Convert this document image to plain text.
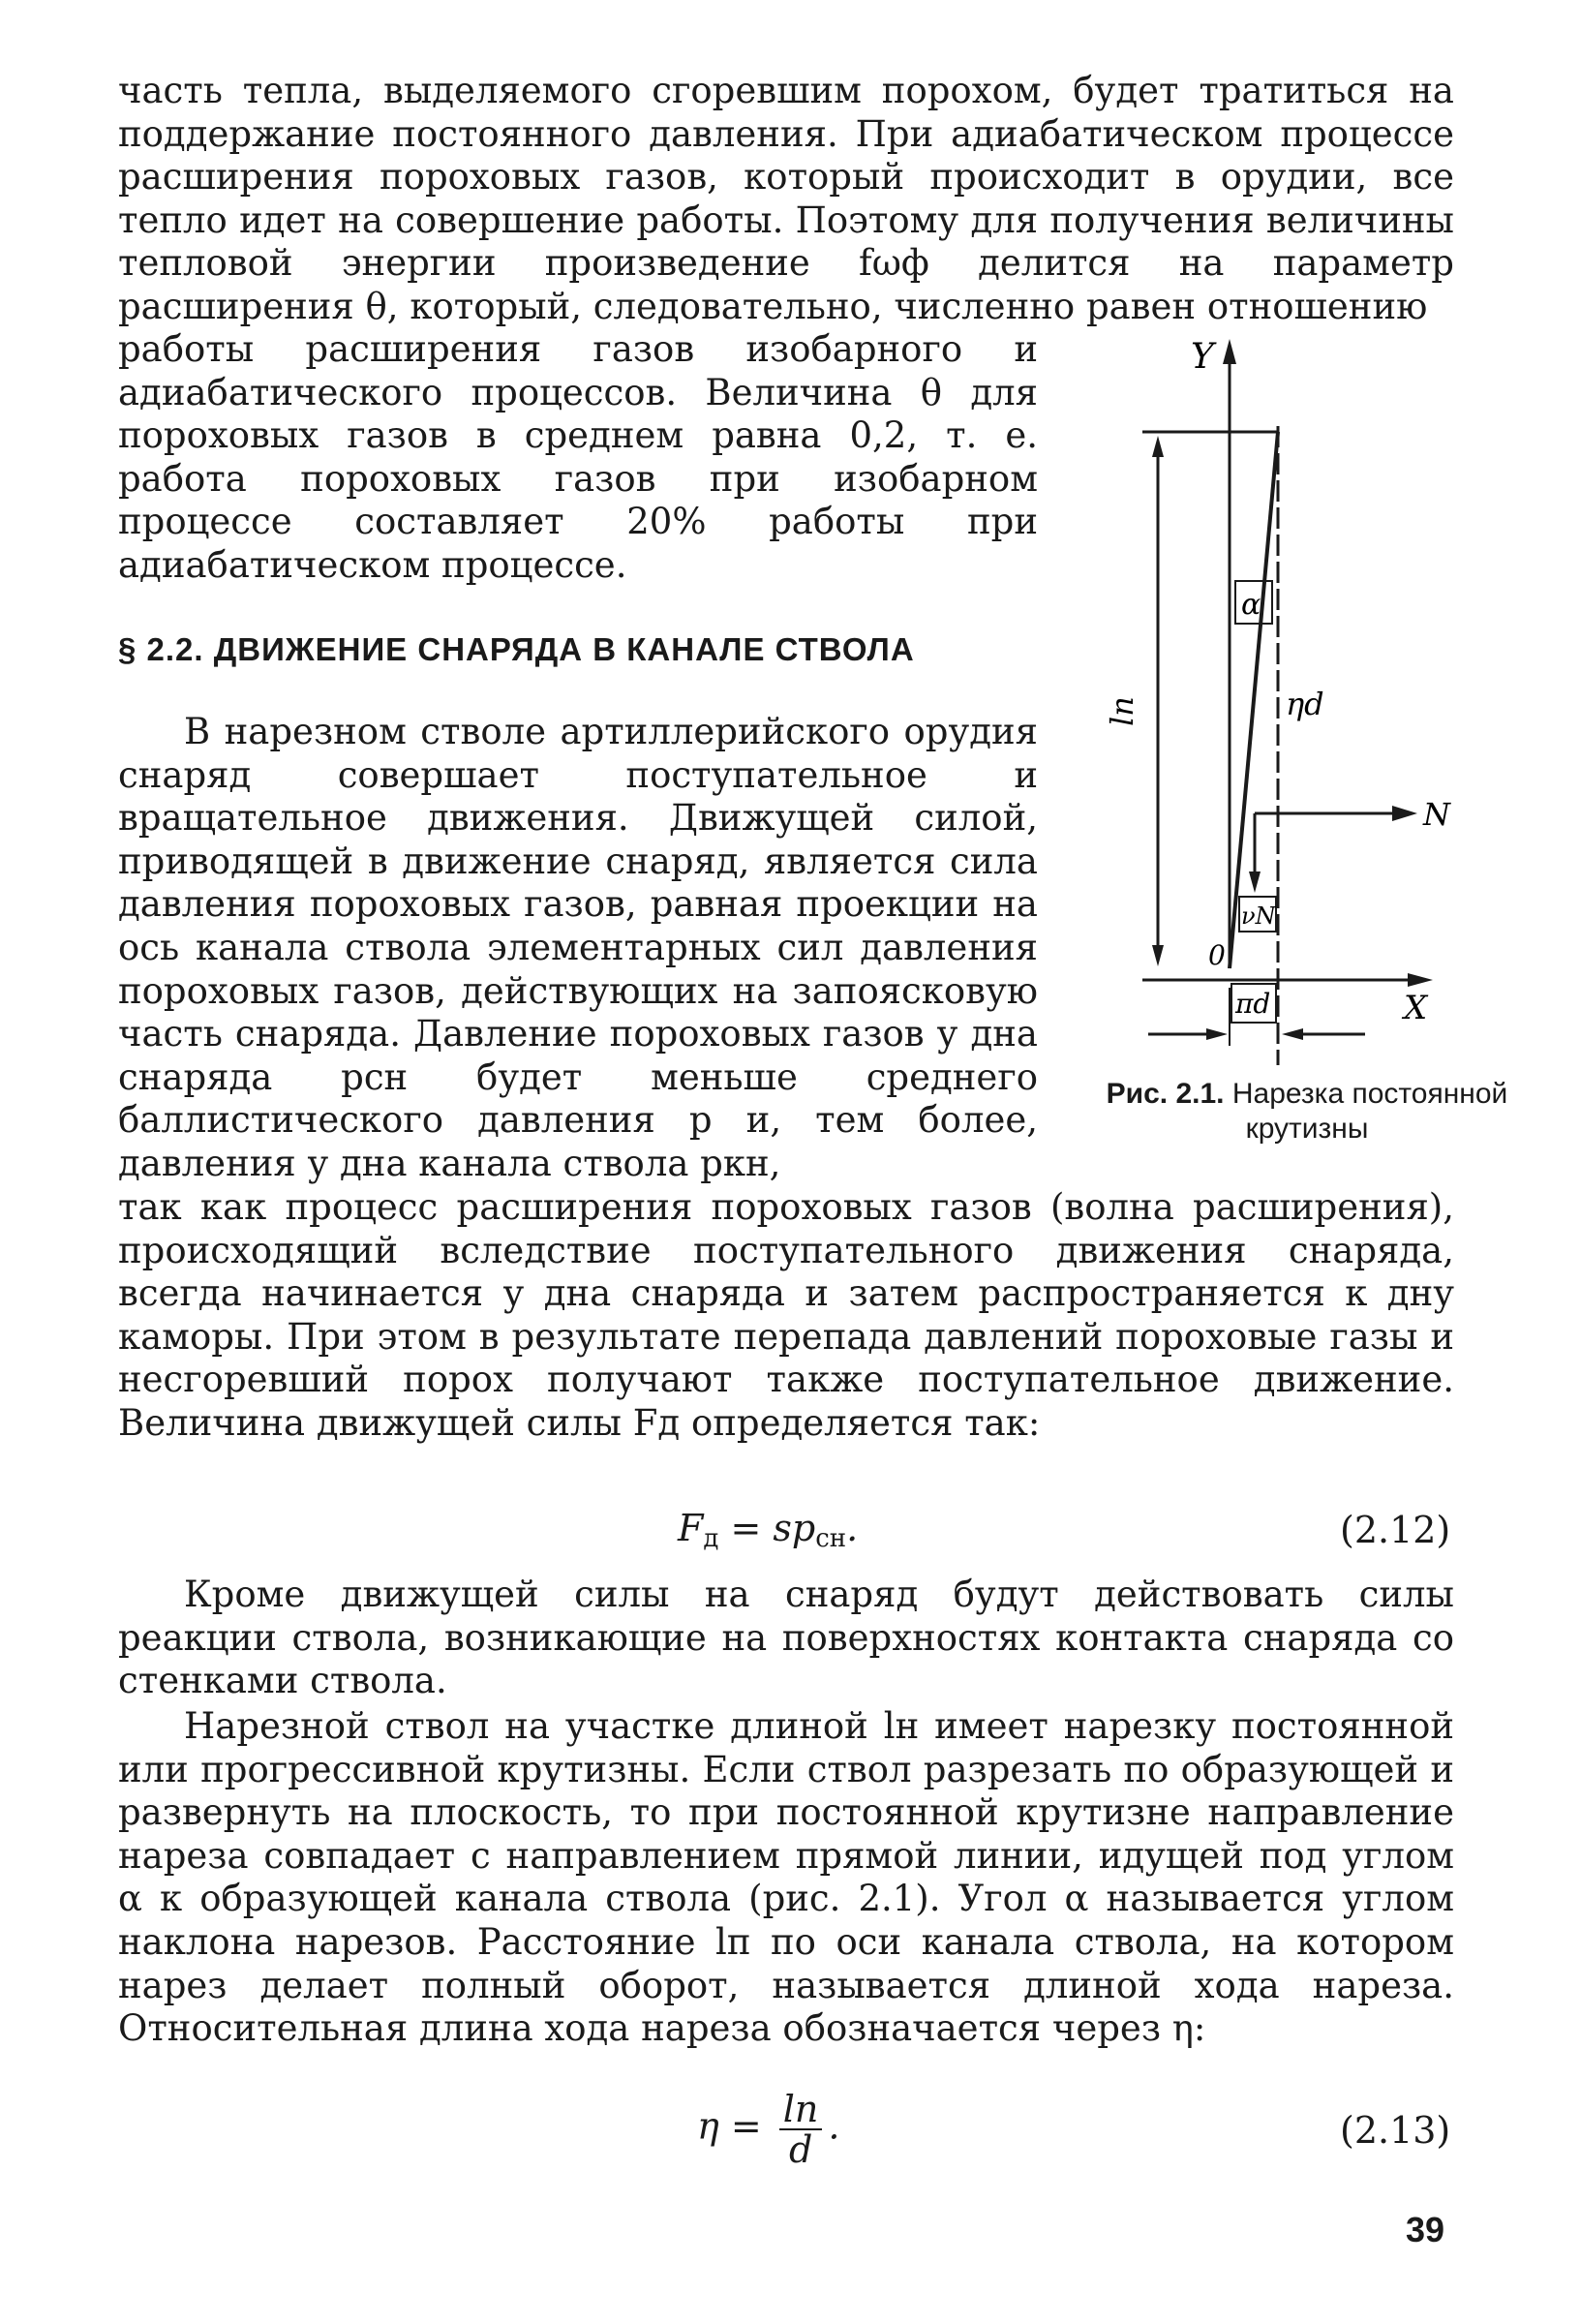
часть тепла, выделяемого сгоревшим порохом, будет тратиться на поддержание постоянного давления. При адиабатическом процессе расширения пороховых газов, который происходит в орудии, все тепло идет на совершение работы. Поэтому для получения величины тепловой энергии произведение fωф делится на параметр расширения θ, который, следовательно, численно равен отношению

работы расширения газов изобарного и адиабатического процессов. Величина θ для пороховых газов в среднем равна 0,2, т. е. работа пороховых газов при изобарном процессе составляет 20% работы при адиабатическом процессе.

§ 2.2. ДВИЖЕНИЕ СНАРЯДА В КАНАЛЕ СТВОЛА

В нарезном стволе артиллерийского орудия снаряд совершает поступательное и вращательное движения. Движущей силой, приводящей в движение снаряд, является сила давления пороховых газов, равная проекции на ось канала ствола элементарных сил давления пороховых газов, действующих на запоясковую часть снаряда. Давление пороховых газов у дна снаряда pсн будет меньше среднего баллистического давления p и, тем более, давления у дна канала ствола pкн,

так как процесс расширения пороховых газов (волна расширения), происходящий вследствие поступательного движения снаряда, всегда начинается у дна снаряда и затем распространяется к дну каморы. При этом в результате перепада давлений пороховые газы и несгоревший порох получают также поступательное движение. Величина движущей силы Fд определяется так:

$F_д = sp_{сн}$.	(2.12)

Кроме движущей силы на снаряд будут действовать силы реакции ствола, возникающие на поверхностях контакта снаряда со стенками ствола.

Нарезной ствол на участке длиной lн имеет нарезку постоянной или прогрессивной крутизны. Если ствол разрезать по образующей и развернуть на плоскость, то при постоянной крутизне направление нареза совпадает с направлением прямой линии, идущей под углом α к образующей канала ствола (рис. 2.1). Угол α называется углом наклона нарезов. Расстояние lп по оси канала ствола, на котором нарез делает полный оборот, называется длиной хода нареза. Относительная длина хода нареза обозначается через η:

$\eta = \frac{lп}{d}$ .	(2.13)

Y
X
lп
α
ηd
N
νN
0
πd

Рис. 2.1. Нарезка постоянной крутизны

39
